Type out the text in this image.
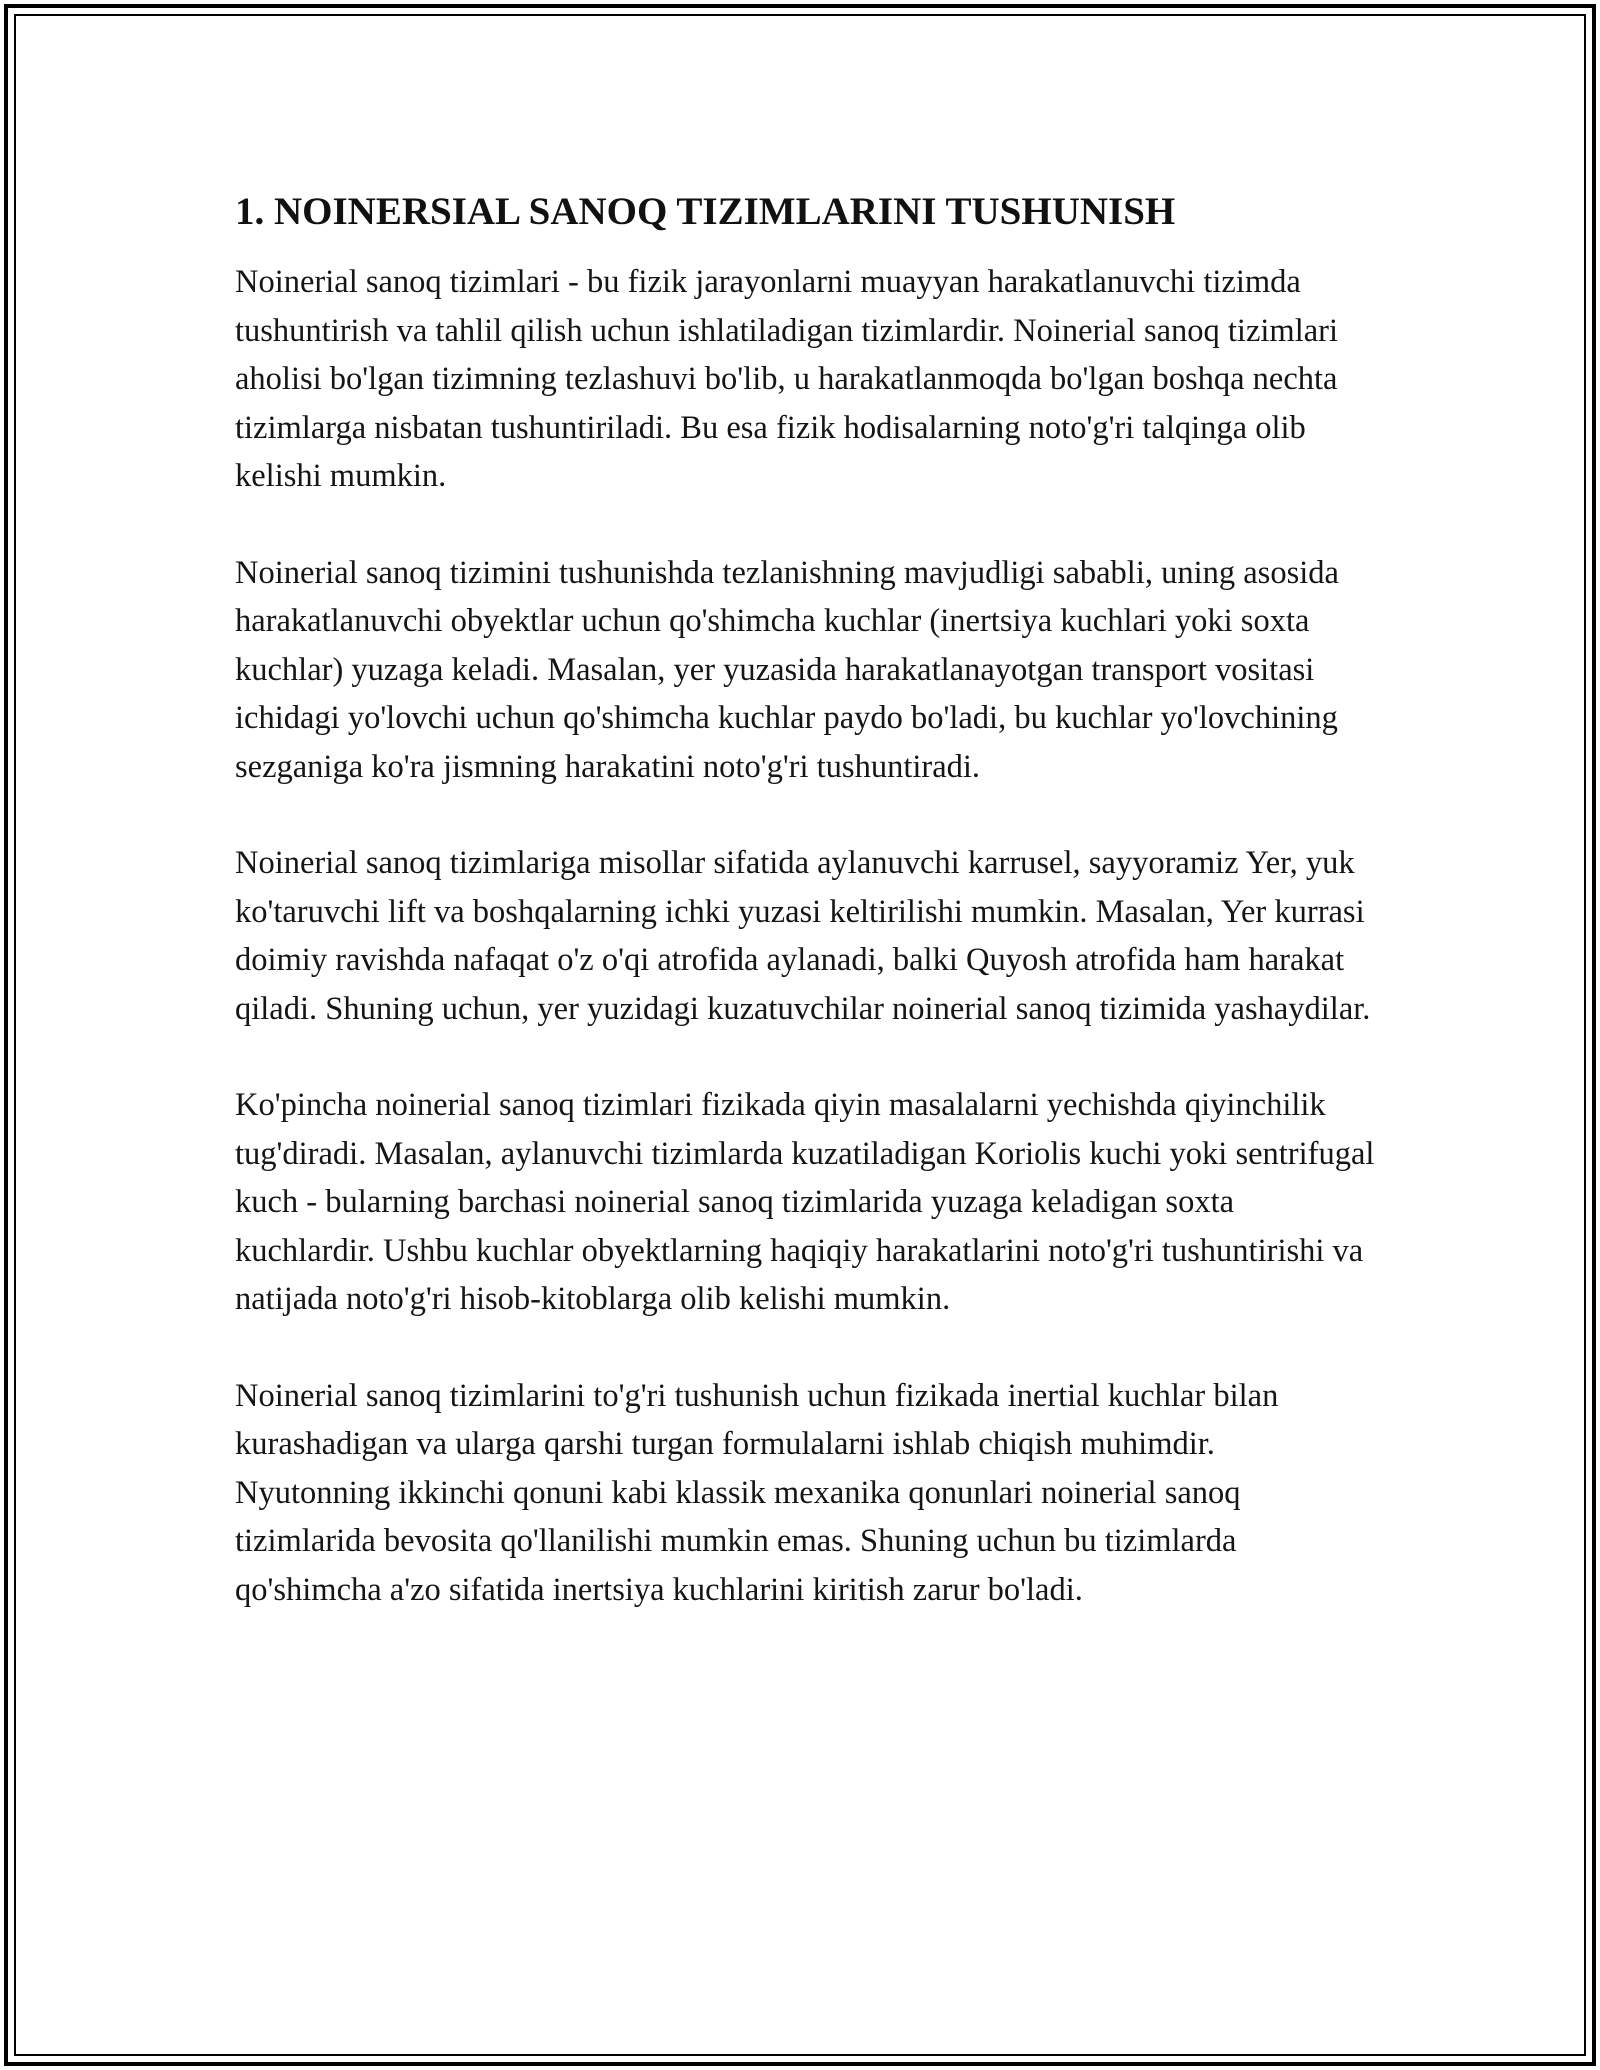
1. NOINERSIAL SANOQ TIZIMLARINI TUSHUNISH

Noinerial sanoq tizimlari - bu fizik jarayonlarni muayyan harakatlanuvchi tizimda tushuntirish va tahlil qilish uchun ishlatiladigan tizimlardir. Noinerial sanoq tizimlari aholisi bo'lgan tizimning tezlashuvi bo'lib, u harakatlanmoqda bo'lgan boshqa nechta tizimlarga nisbatan tushuntiriladi. Bu esa fizik hodisalarning noto'g'ri talqinga olib kelishi mumkin.

Noinerial sanoq tizimini tushunishda tezlanishning mavjudligi sababli, uning asosida harakatlanuvchi obyektlar uchun qo'shimcha kuchlar (inertsiya kuchlari yoki soxta kuchlar) yuzaga keladi. Masalan, yer yuzasida harakatlanayotgan transport vositasi ichidagi yo'lovchi uchun qo'shimcha kuchlar paydo bo'ladi, bu kuchlar yo'lovchining sezganiga ko'ra jismning harakatini noto'g'ri tushuntiradi.

Noinerial sanoq tizimlariga misollar sifatida aylanuvchi karrusel, sayyoramiz Yer, yuk ko'taruvchi lift va boshqalarning ichki yuzasi keltirilishi mumkin. Masalan, Yer kurrasi doimiy ravishda nafaqat o'z o'qi atrofida aylanadi, balki Quyosh atrofida ham harakat qiladi. Shuning uchun, yer yuzidagi kuzatuvchilar noinerial sanoq tizimida yashaydilar.

Ko'pincha noinerial sanoq tizimlari fizikada qiyin masalalarni yechishda qiyinchilik tug'diradi. Masalan, aylanuvchi tizimlarda kuzatiladigan Koriolis kuchi yoki sentrifugal kuch - bularning barchasi noinerial sanoq tizimlarida yuzaga keladigan soxta kuchlardir. Ushbu kuchlar obyektlarning haqiqiy harakatlarini noto'g'ri tushuntirishi va natijada noto'g'ri hisob-kitoblarga olib kelishi mumkin.

Noinerial sanoq tizimlarini to'g'ri tushunish uchun fizikada inertial kuchlar bilan kurashadigan va ularga qarshi turgan formulalarni ishlab chiqish muhimdir. Nyutonning ikkinchi qonuni kabi klassik mexanika qonunlari noinerial sanoq tizimlarida bevosita qo'llanilishi mumkin emas. Shuning uchun bu tizimlarda qo'shimcha a'zo sifatida inertsiya kuchlarini kiritish zarur bo'ladi.
